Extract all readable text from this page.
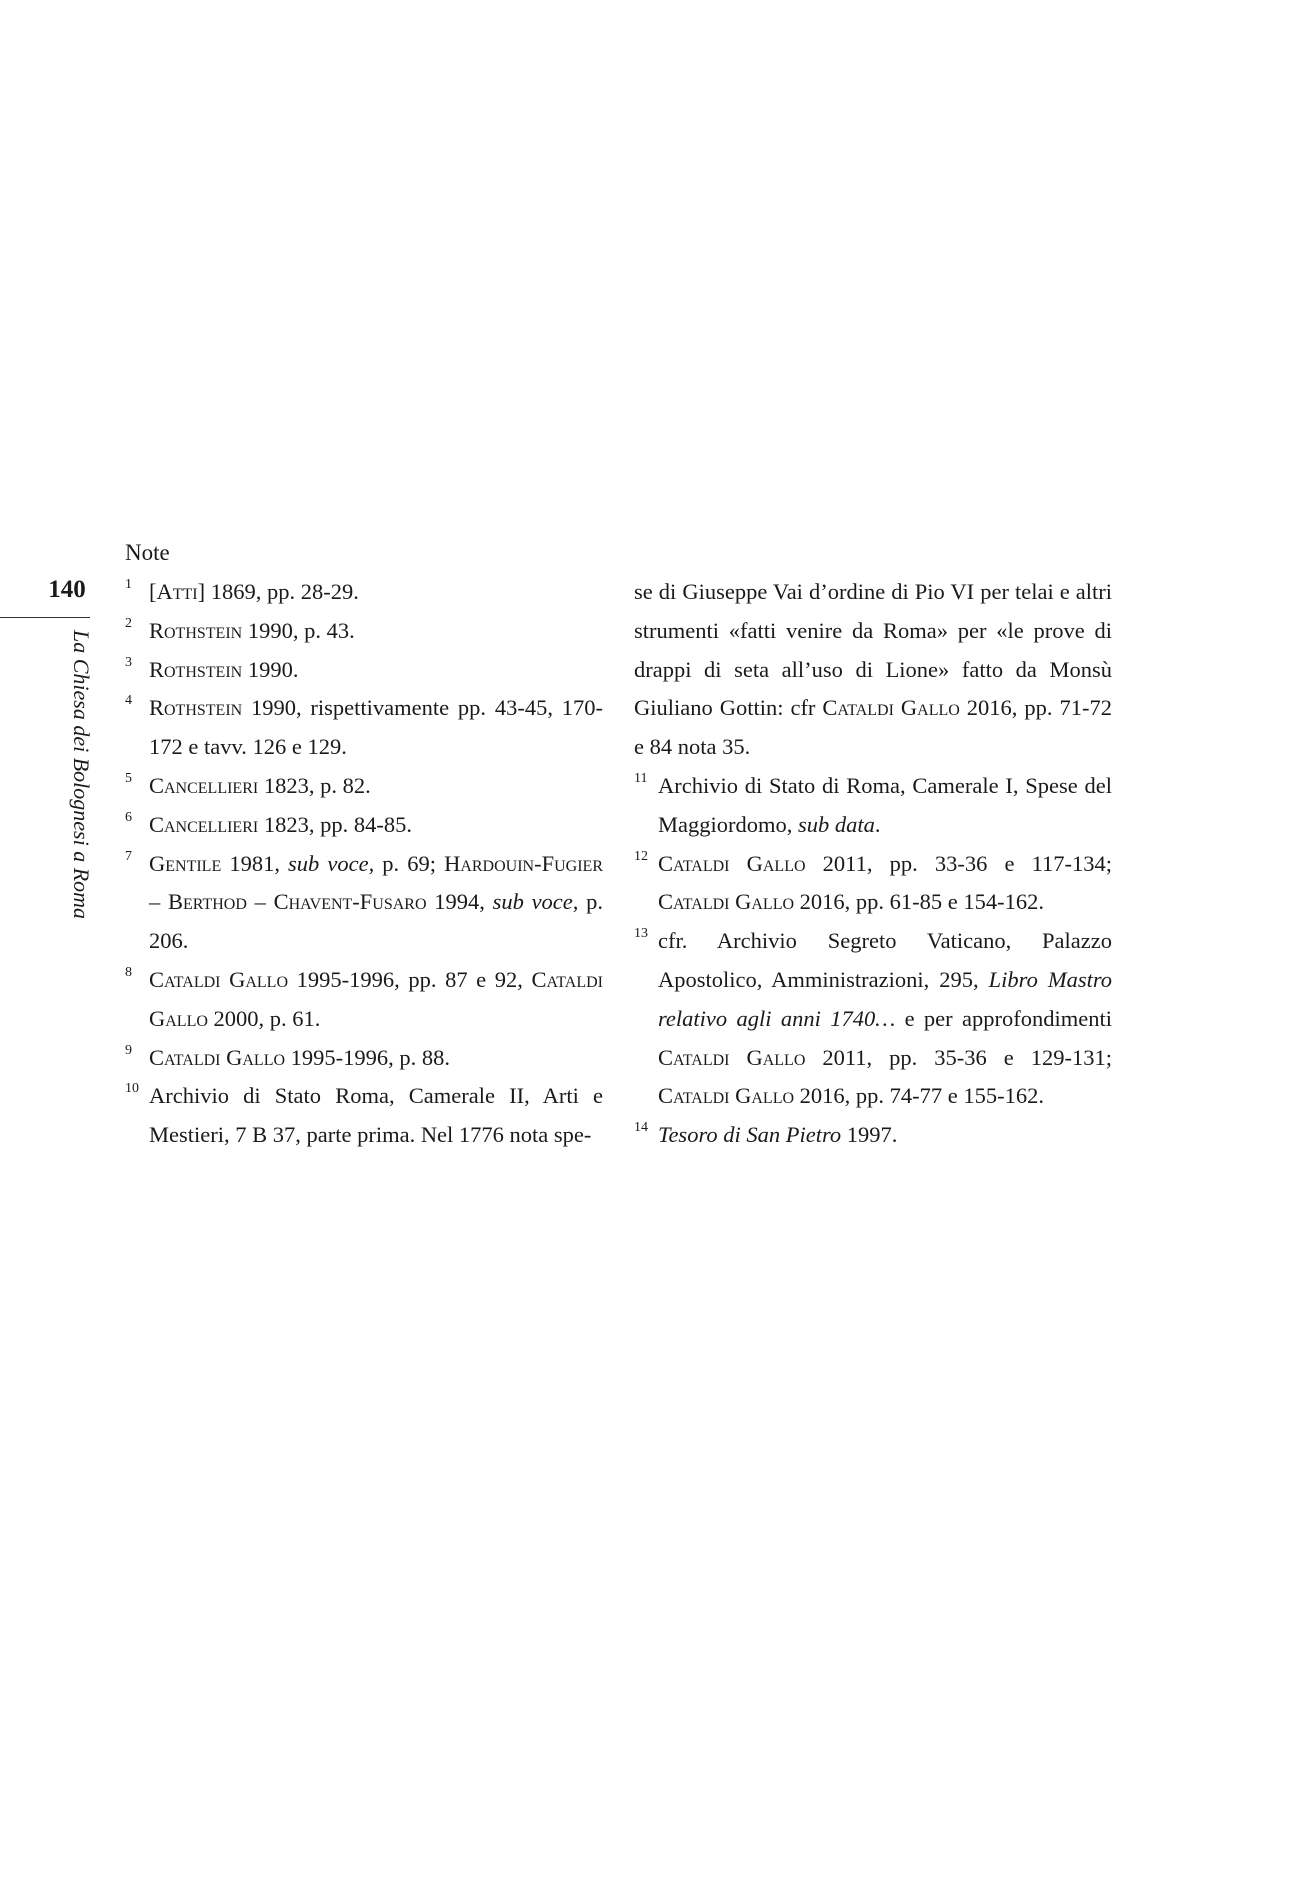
140
La Chiesa dei Bolognesi a Roma
Note
1 [Atti] 1869, pp. 28-29.
2 Rothstein 1990, p. 43.
3 Rothstein 1990.
4 Rothstein 1990, rispettivamente pp. 43-45, 170-172 e tavv. 126 e 129.
5 Cancellieri 1823, p. 82.
6 Cancellieri 1823, pp. 84-85.
7 Gentile 1981, sub voce, p. 69; Hardouin-Fugier – Berthod – Chavent-Fusaro 1994, sub voce, p. 206.
8 Cataldi Gallo 1995-1996, pp. 87 e 92, Cataldi Gallo 2000, p. 61.
9 Cataldi Gallo 1995-1996, p. 88.
10 Archivio di Stato Roma, Camerale II, Arti e Mestieri, 7 B 37, parte prima. Nel 1776 nota spe-
se di Giuseppe Vai d’ordine di Pio VI per telai e altri strumenti «fatti venire da Roma» per «le prove di drappi di seta all’uso di Lione» fatto da Monsù Giuliano Gottin: cfr Cataldi Gallo 2016, pp. 71-72 e 84 nota 35.
11 Archivio di Stato di Roma, Camerale I, Spese del Maggiordomo, sub data.
12 Cataldi Gallo 2011, pp. 33-36 e 117-134; Cataldi Gallo 2016, pp. 61-85 e 154-162.
13 cfr. Archivio Segreto Vaticano, Palazzo Apostolico, Amministrazioni, 295, Libro Mastro relativo agli anni 1740… e per approfondimenti Cataldi Gallo 2011, pp. 35-36 e 129-131; Cataldi Gallo 2016, pp. 74-77 e 155-162.
14 Tesoro di San Pietro 1997.
